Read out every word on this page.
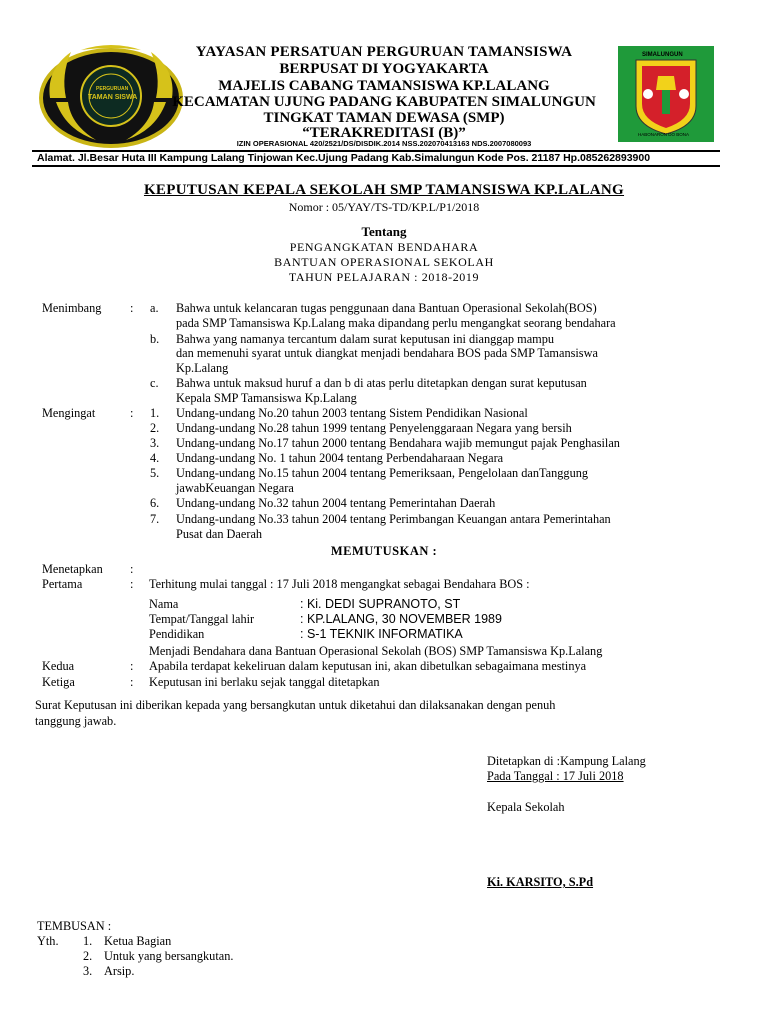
PERGURUAN
TAMAN SISWA
SIMALUNGUN
HABONARON DO BONA
YAYASAN PERSATUAN PERGURUAN TAMANSISWA
BERPUSAT DI YOGYAKARTA
MAJELIS CABANG TAMANSISWA KP.LALANG
KECAMATAN UJUNG PADANG KABUPATEN SIMALUNGUN
TINGKAT TAMAN DEWASA (SMP)
“TERAKREDITASI (B)”
IZIN OPERASIONAL 420/2521/DS/DISDIK.2014 NSS.202070413163 NDS.2007080093
Alamat. Jl.Besar Huta III Kampung Lalang Tinjowan Kec.Ujung Padang Kab.Simalungun Kode Pos. 21187 Hp.085262893900
KEPUTUSAN KEPALA SEKOLAH SMP TAMANSISWA KP.LALANG
Nomor : 05/YAY/TS-TD/KP.L/P1/2018
Tentang
PENGANGKATAN BENDAHARA
BANTUAN OPERASIONAL SEKOLAH
TAHUN PELAJARAN : 2018-2019
Menimbang : a. Bahwa untuk kelancaran tugas penggunaan dana Bantuan Operasional Sekolah(BOS)
pada SMP Tamansiswa Kp.Lalang maka dipandang perlu mengangkat seorang bendahara
b. Bahwa yang namanya tercantum dalam surat keputusan ini dianggap mampu
dan memenuhi syarat untuk diangkat menjadi bendahara BOS pada SMP Tamansiswa
Kp.Lalang
c. Bahwa untuk maksud huruf a dan b di atas perlu ditetapkan dengan surat keputusan
Kepala SMP Tamansiswa Kp.Lalang
Mengingat	: 1. Undang-undang No.20 tahun 2003 tentang Sistem Pendidikan Nasional
2. Undang-undang No.28 tahun 1999 tentang Penyelenggaraan Negara yang bersih
3. Undang-undang No.17 tahun 2000 tentang Bendahara wajib memungut pajak Penghasilan
4. Undang-undang No. 1 tahun 2004 tentang Perbendaharaan Negara
5. Undang-undang No.15 tahun 2004 tentang Pemeriksaan, Pengelolaan danTanggung
jawabKeuangan Negara
6. Undang-undang No.32 tahun 2004 tentang Pemerintahan Daerah
7. Undang-undang No.33 tahun 2004 tentang Perimbangan Keuangan antara Pemerintahan
Pusat dan Daerah
MEMUTUSKAN :
Menetapkan :
Pertama	: Terhitung mulai tanggal : 17 Juli 2018 mengangkat sebagai Bendahara BOS :
Nama	: Ki. DEDI SUPRANOTO, ST
Tempat/Tanggal lahir	: KP.LALANG, 30 NOVEMBER 1989
Pendidikan	: S-1 TEKNIK INFORMATIKA
Menjadi Bendahara dana Bantuan Operasional Sekolah (BOS) SMP Tamansiswa Kp.Lalang
Kedua	: Apabila terdapat kekeliruan dalam keputusan ini, akan dibetulkan sebagaimana mestinya
Ketiga	: Keputusan ini berlaku sejak tanggal ditetapkan
Surat Keputusan ini diberikan kepada yang bersangkutan untuk diketahui dan dilaksanakan dengan penuh
tanggung jawab.
Ditetapkan di :Kampung Lalang
Pada Tanggal : 17 Juli 2018
Kepala Sekolah
Ki. KARSITO, S.Pd
TEMBUSAN :
Yth. 1. Ketua Bagian
2. Untuk yang bersangkutan.
3. Arsip.
